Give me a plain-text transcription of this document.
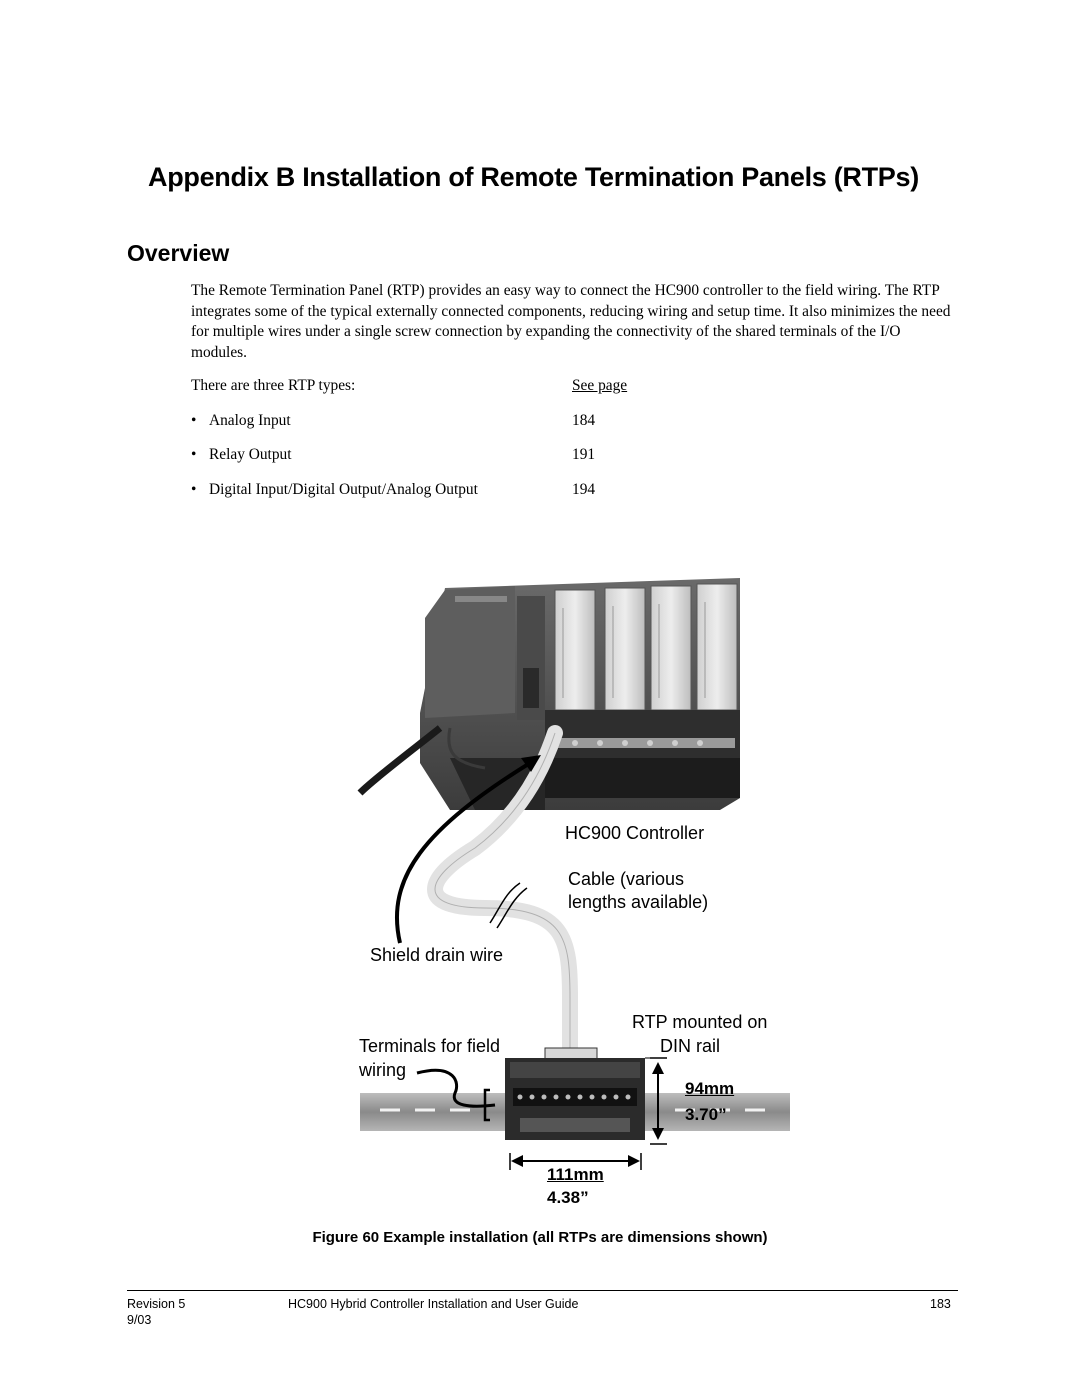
Appendix B Installation of Remote Termination Panels (RTPs)
Overview
The Remote Termination Panel (RTP) provides an easy way to connect the HC900 controller to the field wiring. The RTP integrates some of the typical externally connected components, reducing wiring and setup time. It also minimizes the need for multiple wires under a single screw connection by expanding the connectivity of the shared terminals of the I/O modules.
There are three RTP types:	See page
• Analog Input	184
• Relay Output	191
• Digital Input/Digital Output/Analog Output	194
HC900 Controller
Cable (various
lengths available)
Shield drain wire
RTP mounted on
DIN rail
Terminals for field
wiring
94mm
3.70”
111mm
4.38”
Figure 60 Example installation (all RTPs are dimensions shown)
Revision 5
9/03
HC900 Hybrid Controller Installation and User Guide	183
